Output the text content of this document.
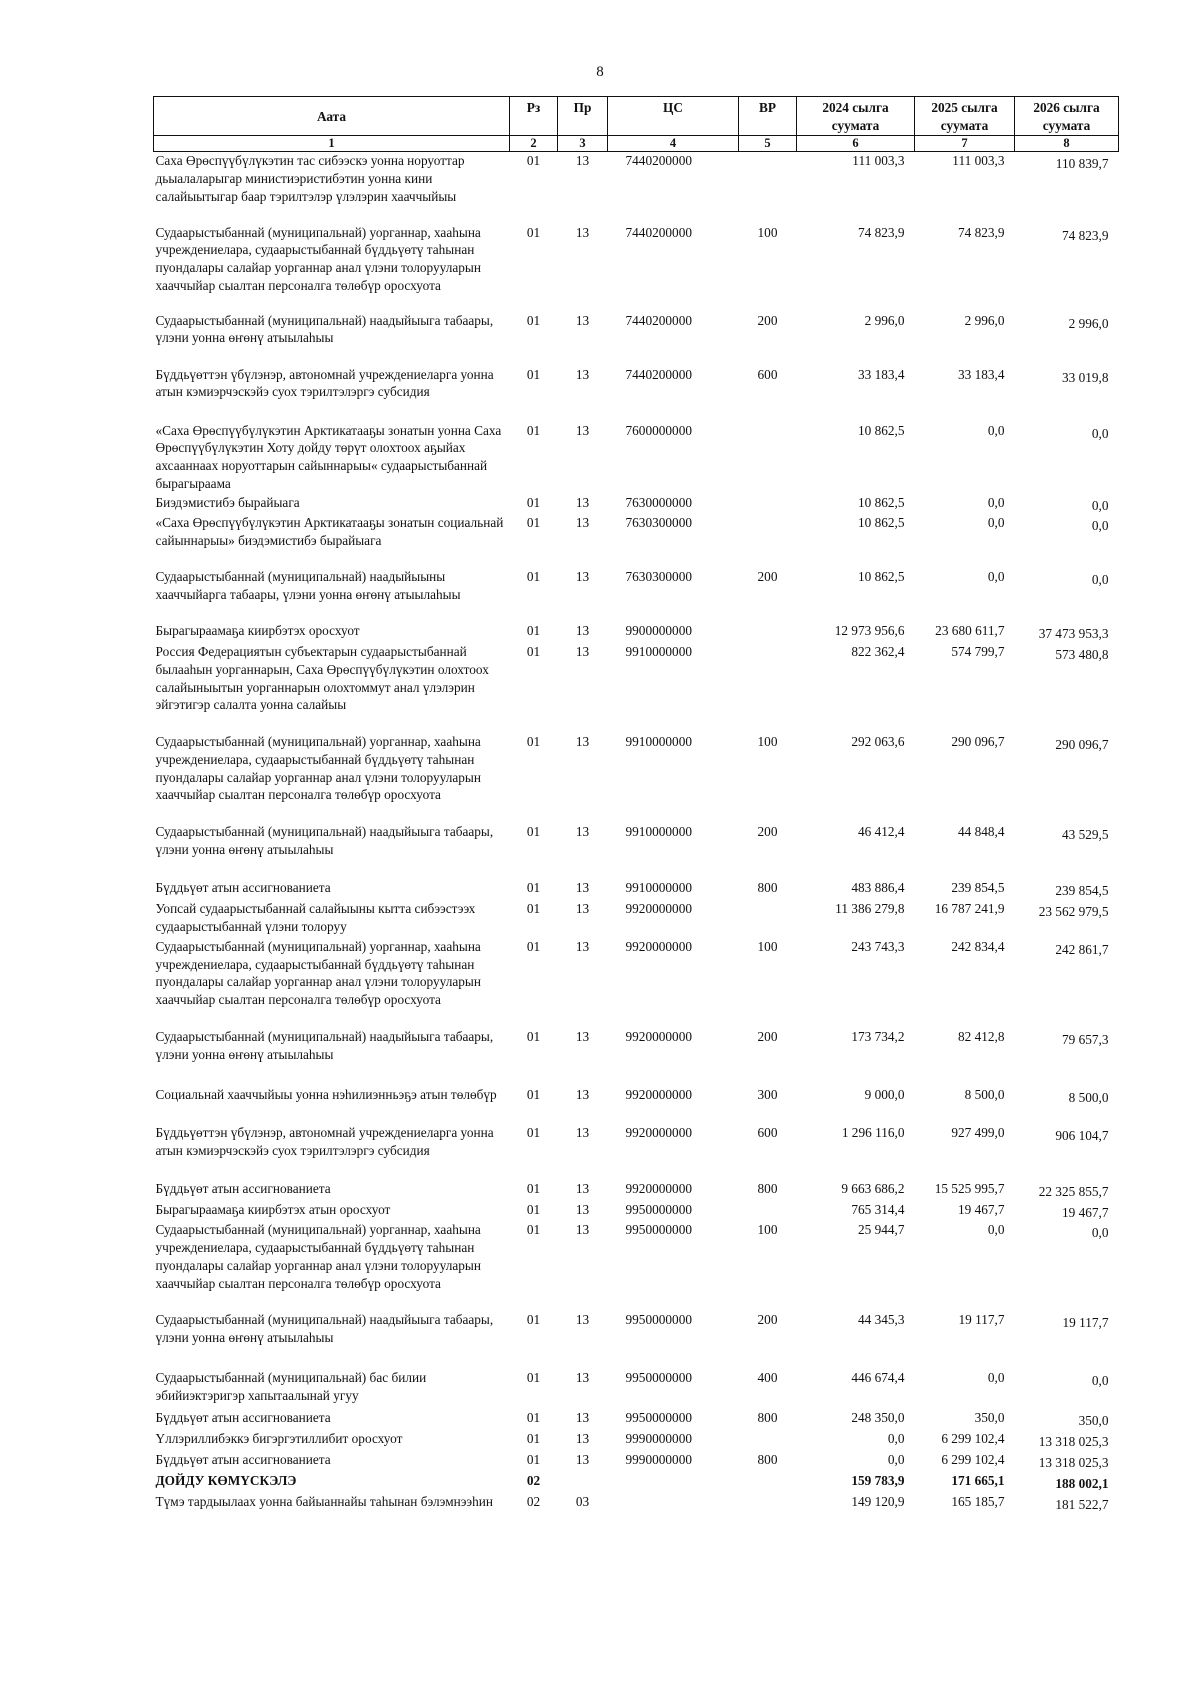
8
Аата	Рз	Пр	ЦС	ВР	2024 сылга суумата	2025 сылга суумата	2026 сылга суумата
1	2	3	4	5	6	7	8
Саха Өрөспүүбүлүкэтин тас сибээскэ уонна норуоттар дьыалаларыгар министиэристибэтин уонна кини салайыытыгар баар тэрилтэлэр үлэлэрин хааччыйыы	01	13	7440200000		111 003,3	111 003,3	110 839,7
Судаарыстыбаннай (муниципальнай) уорганнар, хааһына учреждениелара, судаарыстыбаннай бүддьүөтү таһынан пуондалары салайар уорганнар анал үлэни толорууларын хааччыйар сыалтан персоналга төлөбүр оросхуота	01	13	7440200000	100	74 823,9	74 823,9	74 823,9
Судаарыстыбаннай (муниципальнай) наадыйыыга табаары, үлэни уонна өҥөнү атыылаһыы	01	13	7440200000	200	2 996,0	2 996,0	2 996,0
Бүддьүөттэн үбүлэнэр, автономнай учреждениеларга уонна атын кэмиэрчэскэйэ суох тэрилтэлэргэ субсидия	01	13	7440200000	600	33 183,4	33 183,4	33 019,8
«Саха Өрөспүүбүлүкэтин Арктикатааҕы зонатын уонна Саха Өрөспүүбүлүкэтин Хоту дойду төрүт олохтоох аҕыйах ахсааннаах норуоттарын сайыннарыы« судаарыстыбаннай бырагыраама	01	13	7600000000		10 862,5	0,0	0,0
Биэдэмистибэ бырайыага	01	13	7630000000		10 862,5	0,0	0,0
«Саха Өрөспүүбүлүкэтин Арктикатааҕы зонатын социальнай сайыннарыы» биэдэмистибэ бырайыага	01	13	7630300000		10 862,5	0,0	0,0
Судаарыстыбаннай (муниципальнай) наадыйыыны хааччыйарга табаары, үлэни уонна өҥөнү атыылаһыы	01	13	7630300000	200	10 862,5	0,0	0,0
Бырагыраамаҕа киирбэтэх оросхуот	01	13	9900000000		12 973 956,6	23 680 611,7	37 473 953,3
Россия Федерациятын субъектарын судаарыстыбаннай былааһын уорганнарын, Саха Өрөспүүбүлүкэтин олохтоох салайыныытын уорганнарын олохтоммут анал үлэлэрин эйгэтигэр салалта уонна салайыы	01	13	9910000000		822 362,4	574 799,7	573 480,8
Судаарыстыбаннай (муниципальнай) уорганнар, хааһына учреждениелара, судаарыстыбаннай бүддьүөтү таһынан пуондалары салайар уорганнар анал үлэни толорууларын хааччыйар сыалтан персоналга төлөбүр оросхуота	01	13	9910000000	100	292 063,6	290 096,7	290 096,7
Судаарыстыбаннай (муниципальнай) наадыйыыга табаары, үлэни уонна өҥөнү атыылаһыы	01	13	9910000000	200	46 412,4	44 848,4	43 529,5
Бүддьүөт атын ассигнованиета	01	13	9910000000	800	483 886,4	239 854,5	239 854,5
Уопсай судаарыстыбаннай салайыыны кытта сибээстээх судаарыстыбаннай үлэни толоруу	01	13	9920000000		11 386 279,8	16 787 241,9	23 562 979,5
Судаарыстыбаннай (муниципальнай) уорганнар, хааһына учреждениелара, судаарыстыбаннай бүддьүөтү таһынан пуондалары салайар уорганнар анал үлэни толорууларын хааччыйар сыалтан персоналга төлөбүр оросхуота	01	13	9920000000	100	243 743,3	242 834,4	242 861,7
Судаарыстыбаннай (муниципальнай) наадыйыыга табаары, үлэни уонна өҥөнү атыылаһыы	01	13	9920000000	200	173 734,2	82 412,8	79 657,3
Социальнай хааччыйыы уонна нэһилиэнньэҕэ атын төлөбүр	01	13	9920000000	300	9 000,0	8 500,0	8 500,0
Бүддьүөттэн үбүлэнэр, автономнай учреждениеларга уонна атын кэмиэрчэскэйэ суох тэрилтэлэргэ субсидия	01	13	9920000000	600	1 296 116,0	927 499,0	906 104,7
Бүддьүөт атын ассигнованиета	01	13	9920000000	800	9 663 686,2	15 525 995,7	22 325 855,7
Бырагыраамаҕа киирбэтэх атын оросхуот	01	13	9950000000		765 314,4	19 467,7	19 467,7
Судаарыстыбаннай (муниципальнай) уорганнар, хааһына учреждениелара, судаарыстыбаннай бүддьүөтү таһынан пуондалары салайар уорганнар анал үлэни толорууларын хааччыйар сыалтан персоналга төлөбүр оросхуота	01	13	9950000000	100	25 944,7	0,0	0,0
Судаарыстыбаннай (муниципальнай) наадыйыыга табаары, үлэни уонна өҥөнү атыылаһыы	01	13	9950000000	200	44 345,3	19 117,7	19 117,7
Судаарыстыбаннай (муниципальнай) бас билии эбийиэктэригэр хапытаалынай угуу	01	13	9950000000	400	446 674,4	0,0	0,0
Бүддьүөт атын ассигнованиета	01	13	9950000000	800	248 350,0	350,0	350,0
Үллэриллибэккэ бигэргэтиллибит оросхуот	01	13	9990000000		0,0	6 299 102,4	13 318 025,3
Бүддьүөт атын ассигнованиета	01	13	9990000000	800	0,0	6 299 102,4	13 318 025,3
ДОЙДУ КӨМҮСКЭЛЭ	02				159 783,9	171 665,1	188 002,1
Түмэ тардыылаах уонна байыаннайы таһынан бэлэмнээһин	02	03			149 120,9	165 185,7	181 522,7
